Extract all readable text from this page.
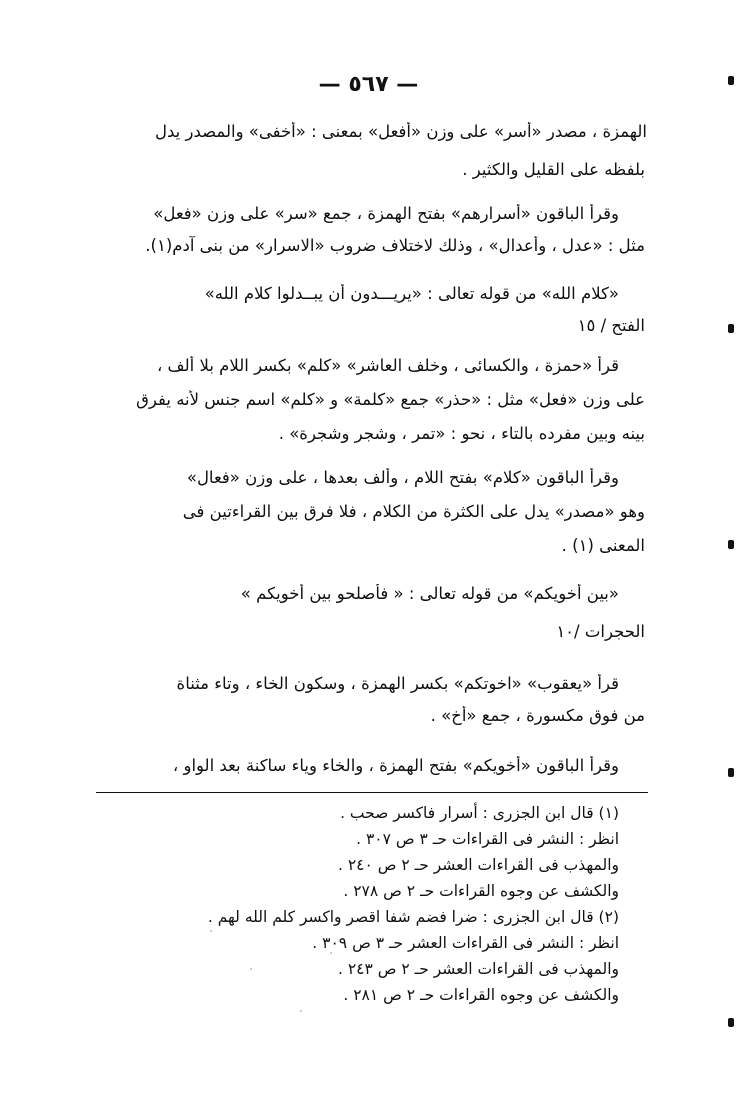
— ٥٦٧ —
الهمزة ، مصدر «أسر» على وزن «أفعل» بمعنى : «أخفى» والمصدر يدل
بلفظه على القليل والكثير .
وقرأ الباقون «أسرارهم» بفتح الهمزة ، جمع «سر» على وزن «فعل»
مثل : «عدل ، وأعدال» ، وذلك لاختلاف ضروب «الاسرار» من بنى آدم(١).
«كلام الله» من قوله تعالى : «يريـــدون أن يبــدلوا كلام الله»
الفتح / ١٥
قرأ «حمزة ، والكسائى ، وخلف العاشر» «كلم» بكسر اللام بلا ألف ،
على وزن «فعل» مثل : «حذر» جمع «كلمة» و «كلم» اسم جنس لأنه يفرق
بينه وبين مفرده بالتاء ، نحو : «تمر ، وشجر وشجرة» .
وقرأ الباقون «كلام» بفتح اللام ، وألف بعدها ، على وزن «فعال»
وهو «مصدر» يدل على الكثرة من الكلام ، فلا فرق بين القراءتين فى
المعنى (١) .
«بين أخويكم» من قوله تعالى : « فأصلحو بين أخويكم »
الحجرات /١٠
قرأ «يعقوب» «اخوتكم» بكسر الهمزة ، وسكون الخاء ، وتاء مثناة
من فوق مكسورة ، جمع «أخ» .
وقرأ الباقون «أخويكم» بفتح الهمزة ، والخاء وياء ساكنة بعد الواو ،
(١) قال ابن الجزرى : أسرار فاكسر صحب .
انظر : النشر فى القراءات حـ ٣ ص ٣٠٧ .
والمهذب فى القراءات العشر حـ ٢ ص ٢٤٠ .
والكشف عن وجوه القراءات حـ ٢ ص ٢٧٨ .
(٢) قال ابن الجزرى : ضرا فضم شفا اقصر واكسر كلم الله لهم .
انظر : النشر فى القراءات العشر حـ ٣ ص ٣٠٩ .
والمهذب فى القراءات العشر حـ ٢ ص ٢٤٣ .
والكشف عن وجوه القراءات حـ ٢ ص ٢٨١ .
